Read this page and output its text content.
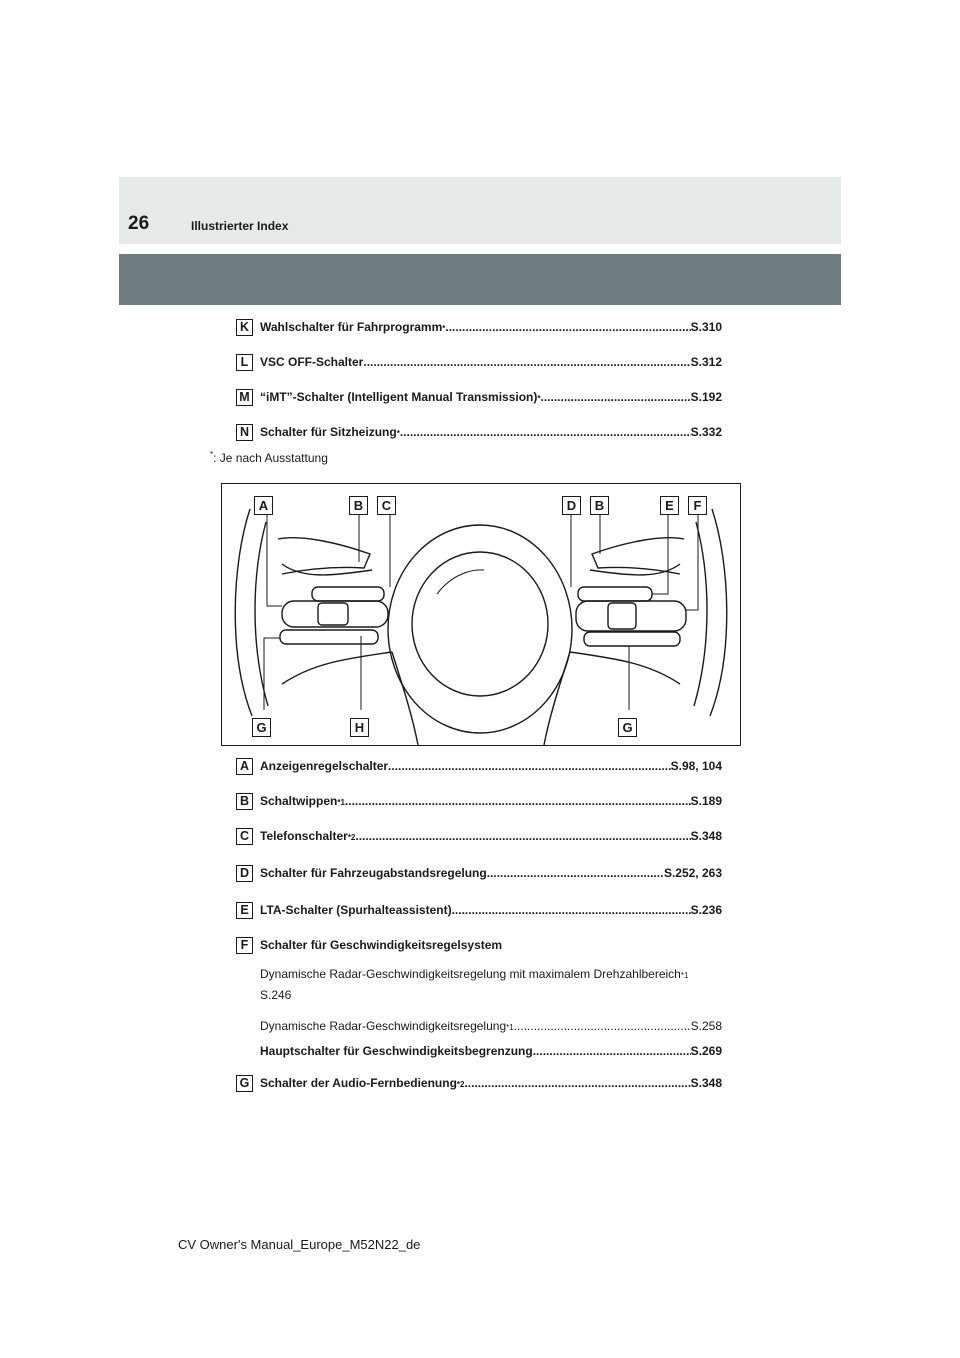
26	Illustrierter Index
K Wahlschalter für Fahrprogramm * .....	S.310
L VSC OFF-Schalter .....	S.312
M “iMT”-Schalter (Intelligent Manual Transmission) * .....	S.192
N Schalter für Sitzheizung * .....	S.332
*: Je nach Ausstattung
A	B	C	D	B	E	F
G	H	G
A Anzeigenregelschalter .....	S.98, 104
B Schaltwippen *1 .....	S.189
C Telefonschalter *2 .....	S.348
D Schalter für Fahrzeugabstandsregelung .....	S.252, 263
E LTA-Schalter (Spurhalteassistent) .....	S.236
F Schalter für Geschwindigkeitsregelsystem
Dynamische Radar-Geschwindigkeitsregelung mit maximalem Drehzahlbereich *1
S.246
Dynamische Radar-Geschwindigkeitsregelung *1 .....	S.258
Hauptschalter für Geschwindigkeitsbegrenzung .....	S.269
G Schalter der Audio-Fernbedienung *2 .....	S.348
CV Owner's Manual_Europe_M52N22_de
